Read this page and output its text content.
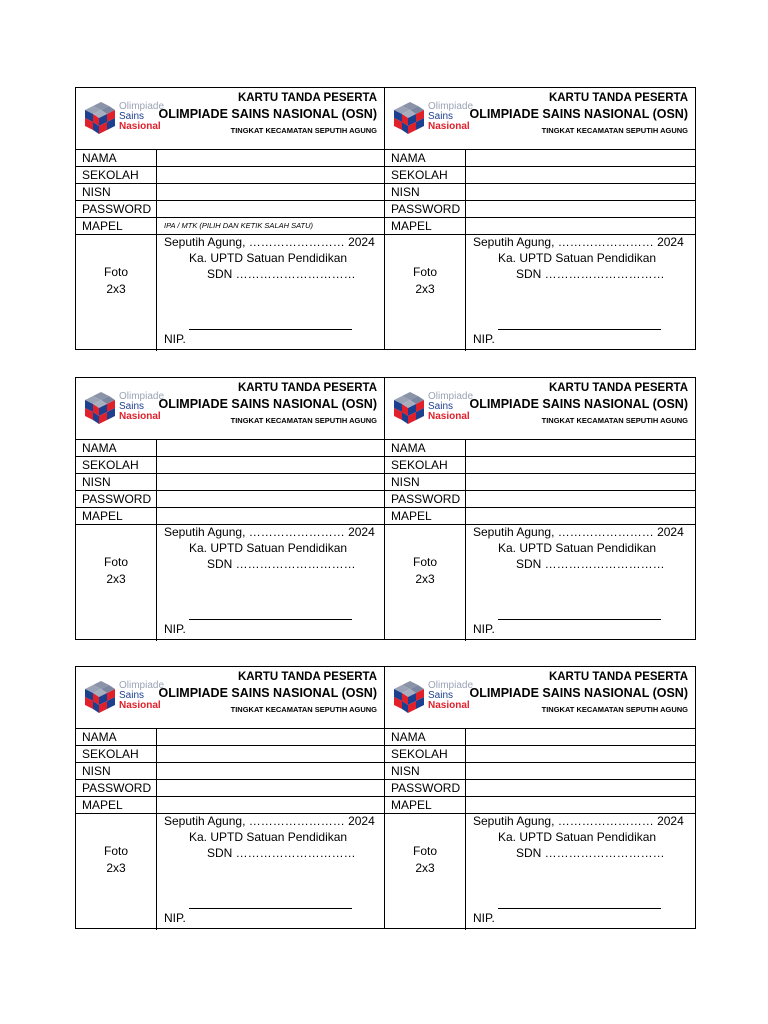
Olimpiade
Sains
Nasional
KARTU TANDA PESERTA
OLIMPIADE SAINS NASIONAL (OSN)
TINGKAT KECAMATAN SEPUTIH AGUNG
NAMA
SEKOLAH
NISN
PASSWORD
MAPEL	IPA / MTK (PILIH DAN KETIK SALAH SATU)
Foto
2x3
Seputih Agung, …………………… 2024
Ka. UPTD Satuan Pendidikan
SDN …………………………
NIP.
Olimpiade
Sains
Nasional
KARTU TANDA PESERTA
OLIMPIADE SAINS NASIONAL (OSN)
TINGKAT KECAMATAN SEPUTIH AGUNG
NAMA
SEKOLAH
NISN
PASSWORD
MAPEL
Foto
2x3
Seputih Agung, …………………… 2024
Ka. UPTD Satuan Pendidikan
SDN …………………………
NIP.
Olimpiade
Sains
Nasional
KARTU TANDA PESERTA
OLIMPIADE SAINS NASIONAL (OSN)
TINGKAT KECAMATAN SEPUTIH AGUNG
NAMA
SEKOLAH
NISN
PASSWORD
MAPEL
Foto
2x3
Seputih Agung, …………………… 2024
Ka. UPTD Satuan Pendidikan
SDN …………………………
NIP.
Olimpiade
Sains
Nasional
KARTU TANDA PESERTA
OLIMPIADE SAINS NASIONAL (OSN)
TINGKAT KECAMATAN SEPUTIH AGUNG
NAMA
SEKOLAH
NISN
PASSWORD
MAPEL
Foto
2x3
Seputih Agung, …………………… 2024
Ka. UPTD Satuan Pendidikan
SDN …………………………
NIP.
Olimpiade
Sains
Nasional
KARTU TANDA PESERTA
OLIMPIADE SAINS NASIONAL (OSN)
TINGKAT KECAMATAN SEPUTIH AGUNG
NAMA
SEKOLAH
NISN
PASSWORD
MAPEL
Foto
2x3
Seputih Agung, …………………… 2024
Ka. UPTD Satuan Pendidikan
SDN …………………………
NIP.
Olimpiade
Sains
Nasional
KARTU TANDA PESERTA
OLIMPIADE SAINS NASIONAL (OSN)
TINGKAT KECAMATAN SEPUTIH AGUNG
NAMA
SEKOLAH
NISN
PASSWORD
MAPEL
Foto
2x3
Seputih Agung, …………………… 2024
Ka. UPTD Satuan Pendidikan
SDN …………………………
NIP.
